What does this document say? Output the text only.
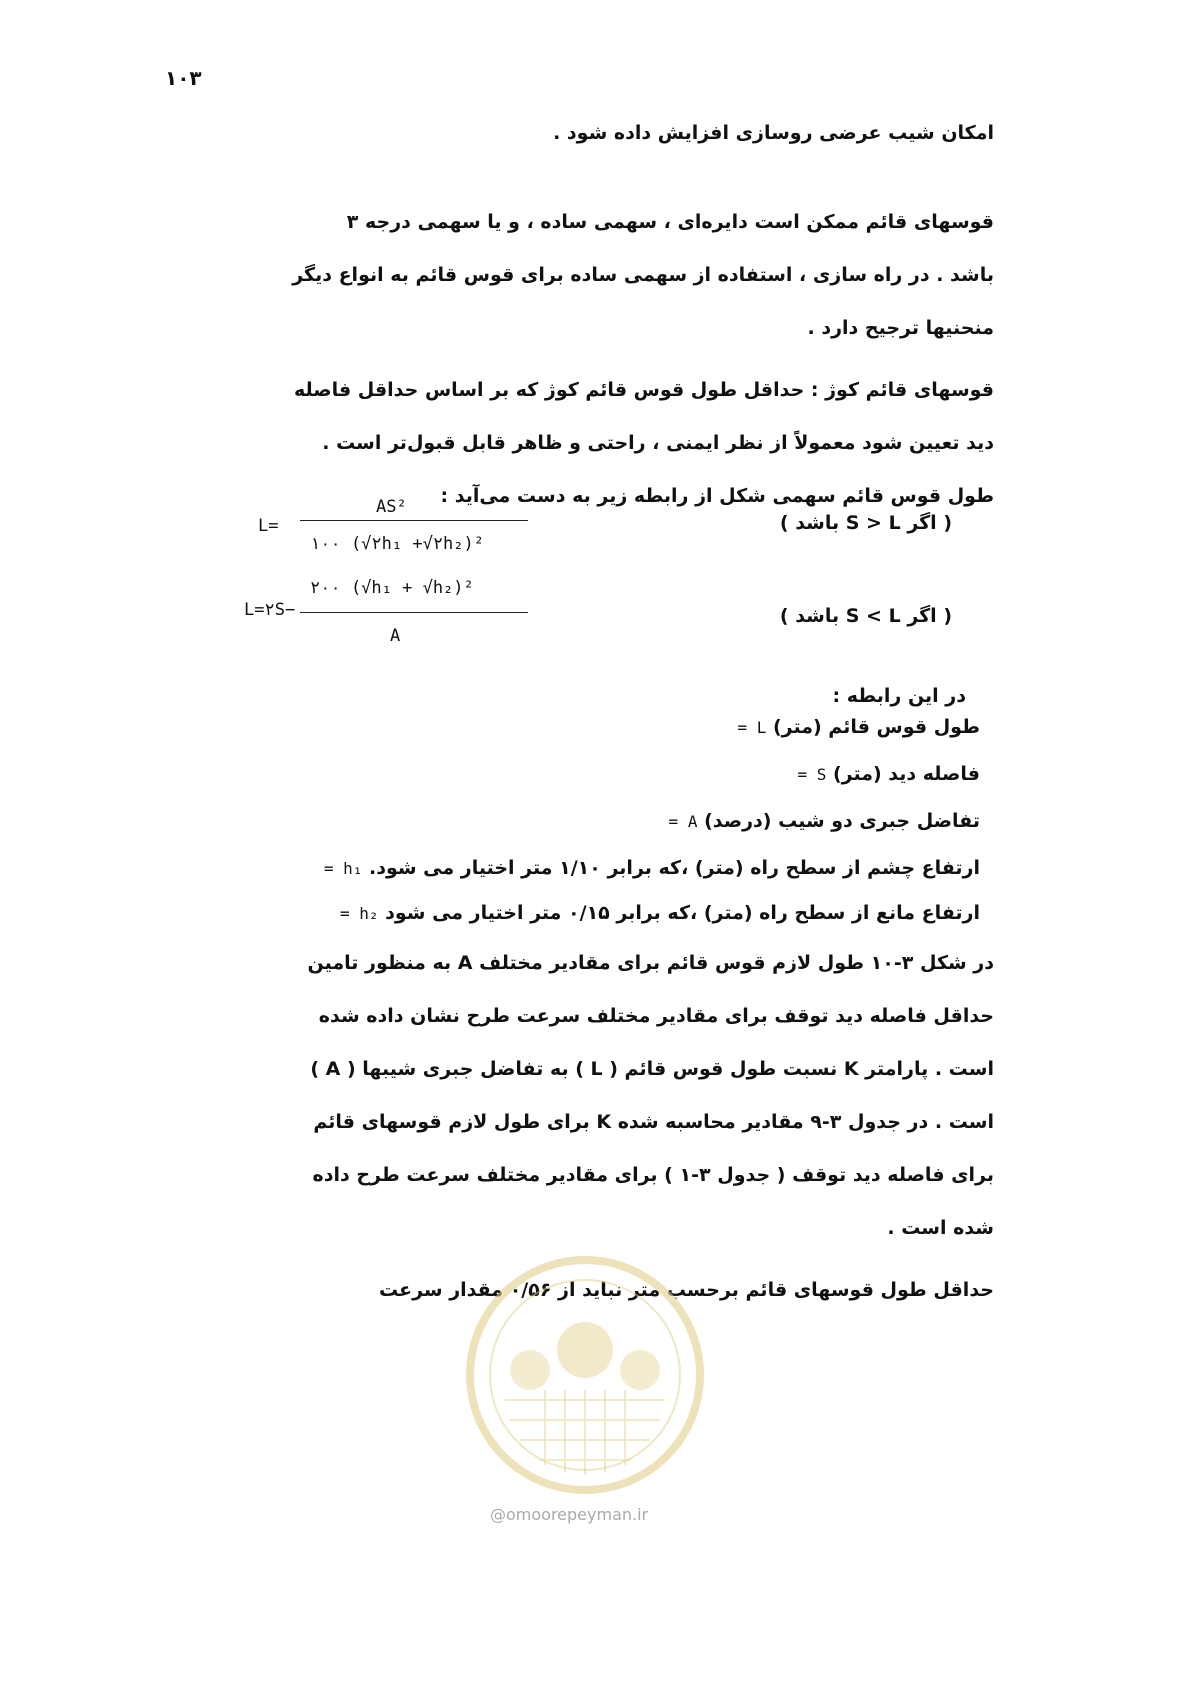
۱۰۳
امکان شیب عرضی روسازی افزایش داده شود .
قوسهای قائم ممکن است دایره‌ای ، سهمی ساده ، و یا سهمی درجه ۳
باشد . در راه سازی ، استفاده از سهمی ساده برای قوس قائم به انواع دیگر
منحنیها ترجیح دارد .
قوسهای قائم کوژ : حداقل طول قوس قائم کوژ که بر اساس حداقل فاصله
دید تعیین شود معمولاً از نظر ایمنی ، راحتی و ظاهر قابل قبول‌تر است .
طول قوس قائم سهمی شکل از رابطه زیر به دست می‌آید :
L=
AS²
۱۰۰ (√۲h₁ +√۲h₂)²
( اگر S > L باشد )
L=۲S−
۲۰۰ (√h₁ + √h₂)²
A
( اگر S < L باشد )
در این رابطه :
طول قوس قائم (متر) L =
فاصله دید (متر) S =
تفاضل جبری دو شیب (درصد) A =
ارتفاع چشم از سطح راه (متر) ،که برابر ۱/۱۰ متر اختیار می شود. h₁ =
ارتفاع مانع از سطح راه (متر) ،که برابر ۰/۱۵ متر اختیار می شود h₂ =
در شکل ۳-۱۰ طول لازم قوس قائم برای مقادیر مختلف A به منظور تامین
حداقل فاصله دید توقف برای مقادیر مختلف سرعت طرح نشان داده شده
است . پارامتر K نسبت طول قوس قائم ( L ) به تفاضل جبری شیبها ( A )
است . در جدول ۳-۹ مقادیر محاسبه شده K برای طول لازم قوسهای قائم
برای فاصله دید توقف ( جدول ۳-۱ ) برای مقادیر مختلف سرعت طرح داده
شده است .
حداقل طول قوسهای قائم برحسب متر نباید از ۰/۵۶ مقدار سرعت
@omoorepeyman.ir
